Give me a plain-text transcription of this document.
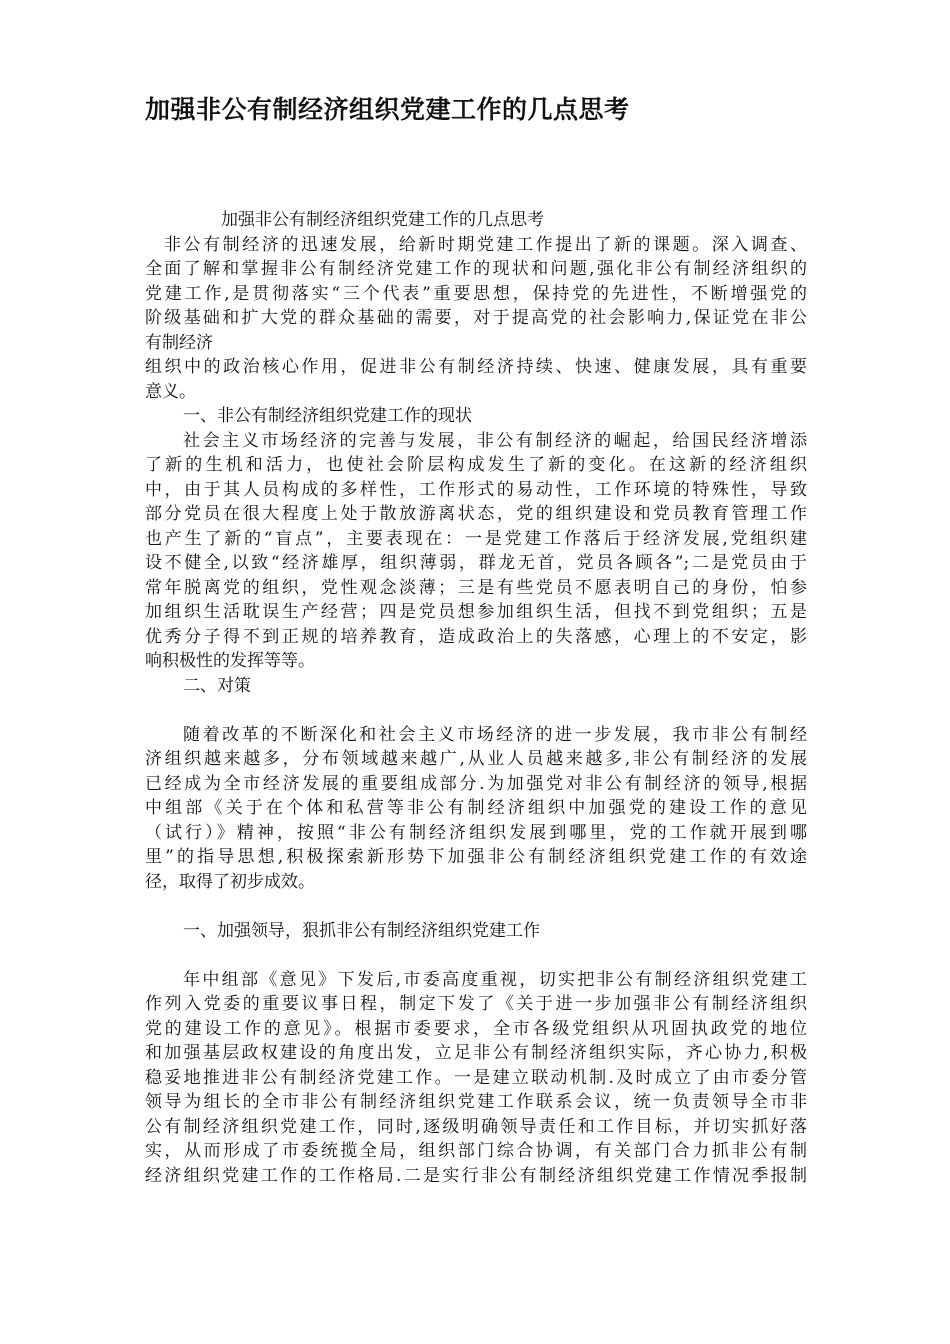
加强非公有制经济组织党建工作的几点思考
加强非公有制经济组织党建工作的几点思考
非公有制经济的迅速发展，给新时期党建工作提出了新的课题。深入调查、
全面了解和掌握非公有制经济党建工作的现状和问题,强化非公有制经济组织的
党建工作,是贯彻落实“三个代表”重要思想，保持党的先进性，不断增强党的
阶级基础和扩大党的群众基础的需要，对于提高党的社会影响力,保证党在非公
有制经济
组织中的政治核心作用，促进非公有制经济持续、快速、健康发展，具有重要
意义。
一、非公有制经济组织党建工作的现状
社会主义市场经济的完善与发展，非公有制经济的崛起，给国民经济增添
了新的生机和活力，也使社会阶层构成发生了新的变化。在这新的经济组织
中，由于其人员构成的多样性，工作形式的易动性，工作环境的特殊性，导致
部分党员在很大程度上处于散放游离状态，党的组织建设和党员教育管理工作
也产生了新的“盲点”，主要表现在：一是党建工作落后于经济发展,党组织建
设不健全,以致“经济雄厚，组织薄弱，群龙无首，党员各顾各”;二是党员由于
常年脱离党的组织，党性观念淡薄；三是有些党员不愿表明自己的身份，怕参
加组织生活耽误生产经营；四是党员想参加组织生活，但找不到党组织；五是
优秀分子得不到正规的培养教育，造成政治上的失落感，心理上的不安定，影
响积极性的发挥等等。
二、对策
随着改革的不断深化和社会主义市场经济的进一步发展，我市非公有制经
济组织越来越多，分布领域越来越广,从业人员越来越多,非公有制经济的发展
已经成为全市经济发展的重要组成部分.为加强党对非公有制经济的领导,根据
中组部《关于在个体和私营等非公有制经济组织中加强党的建设工作的意见
（试行）》精神，按照“非公有制经济组织发展到哪里，党的工作就开展到哪
里”的指导思想,积极探索新形势下加强非公有制经济组织党建工作的有效途
径，取得了初步成效。
一、加强领导，狠抓非公有制经济组织党建工作
年中组部《意见》下发后,市委高度重视，切实把非公有制经济组织党建工
作列入党委的重要议事日程，制定下发了《关于进一步加强非公有制经济组织
党的建设工作的意见》。根据市委要求，全市各级党组织从巩固执政党的地位
和加强基层政权建设的角度出发，立足非公有制经济组织实际，齐心协力,积极
稳妥地推进非公有制经济党建工作。一是建立联动机制.及时成立了由市委分管
领导为组长的全市非公有制经济组织党建工作联系会议，统一负责领导全市非
公有制经济组织党建工作，同时,逐级明确领导责任和工作目标，并切实抓好落
实，从而形成了市委统揽全局，组织部门综合协调，有关部门合力抓非公有制
经济组织党建工作的工作格局.二是实行非公有制经济组织党建工作情况季报制
